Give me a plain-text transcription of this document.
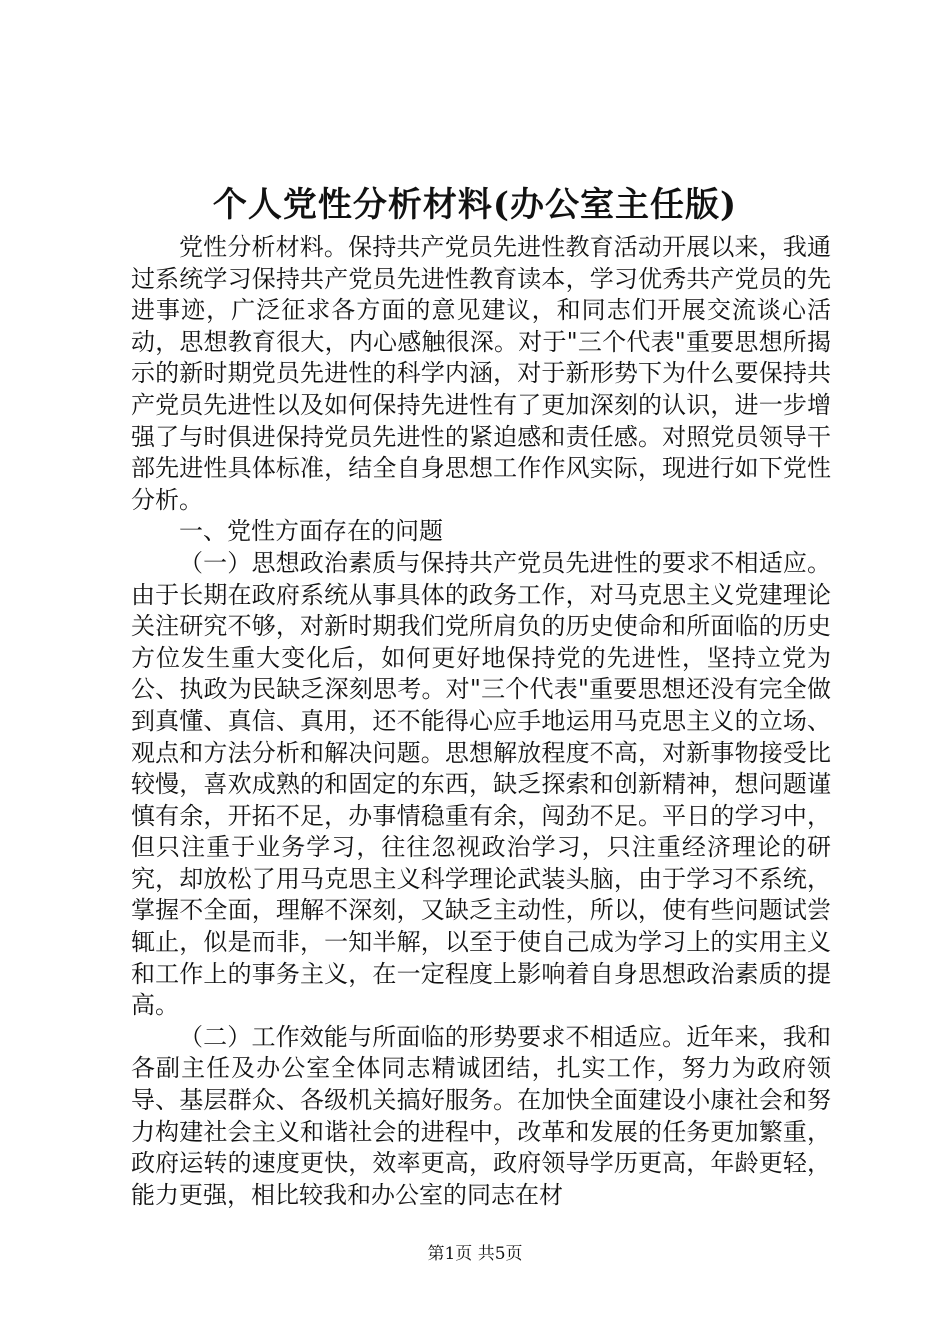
个人党性分析材料(办公室主任版)

党性分析材料。保持共产党员先进性教育活动开展以来，我通过系统学习保持共产党员先进性教育读本，学习优秀共产党员的先进事迹，广泛征求各方面的意见建议，和同志们开展交流谈心活动，思想教育很大，内心感触很深。对于"三个代表"重要思想所揭示的新时期党员先进性的科学内涵，对于新形势下为什么要保持共产党员先进性以及如何保持先进性有了更加深刻的认识，进一步增强了与时俱进保持党员先进性的紧迫感和责任感。对照党员领导干部先进性具体标准，结全自身思想工作作风实际，现进行如下党性分析。

一、党性方面存在的问题

（一）思想政治素质与保持共产党员先进性的要求不相适应。由于长期在政府系统从事具体的政务工作，对马克思主义党建理论关注研究不够，对新时期我们党所肩负的历史使命和所面临的历史方位发生重大变化后，如何更好地保持党的先进性，坚持立党为公、执政为民缺乏深刻思考。对"三个代表"重要思想还没有完全做到真懂、真信、真用，还不能得心应手地运用马克思主义的立场、观点和方法分析和解决问题。思想解放程度不高，对新事物接受比较慢，喜欢成熟的和固定的东西，缺乏探索和创新精神，想问题谨慎有余，开拓不足，办事情稳重有余，闯劲不足。平日的学习中，但只注重于业务学习，往往忽视政治学习，只注重经济理论的研究，却放松了用马克思主义科学理论武装头脑，由于学习不系统，掌握不全面，理解不深刻，又缺乏主动性，所以，使有些问题试尝辄止，似是而非，一知半解，以至于使自己成为学习上的实用主义和工作上的事务主义，在一定程度上影响着自身思想政治素质的提高。

（二）工作效能与所面临的形势要求不相适应。近年来，我和各副主任及办公室全体同志精诚团结，扎实工作，努力为政府领导、基层群众、各级机关搞好服务。在加快全面建设小康社会和努力构建社会主义和谐社会的进程中，改革和发展的任务更加繁重，政府运转的速度更快，效率更高，政府领导学历更高，年龄更轻，能力更强，相比较我和办公室的同志在材

第1页 共5页
